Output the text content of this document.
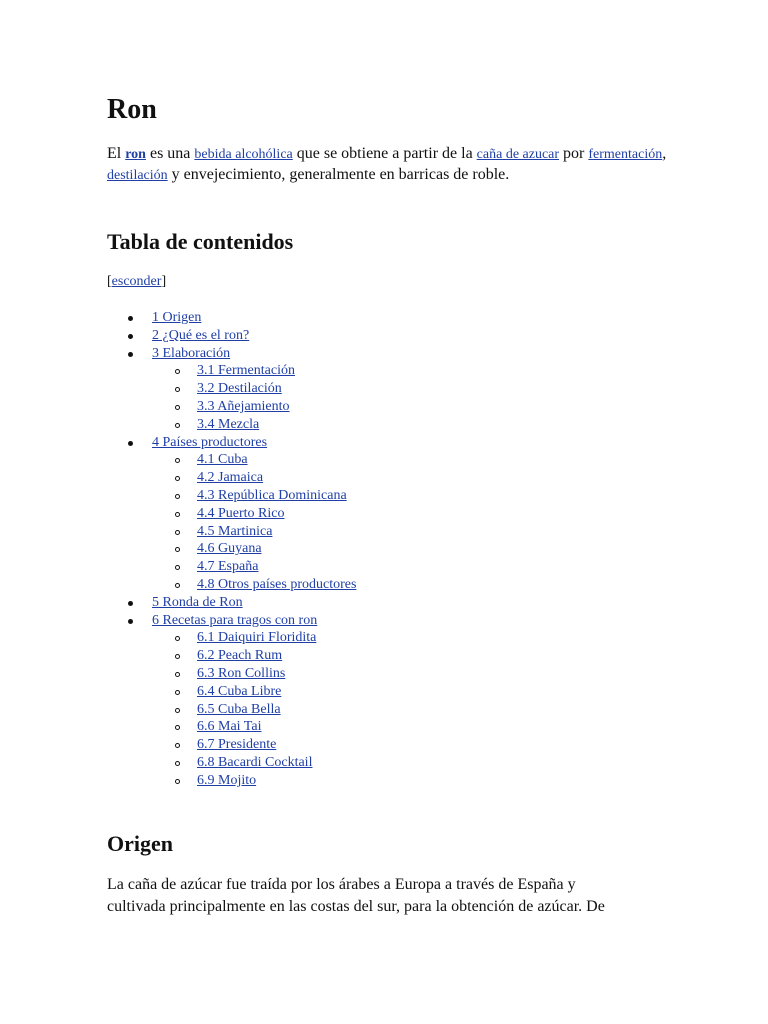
Ron

El ron es una bebida alcohólica que se obtiene a partir de la caña de azucar por fermentación, destilación y envejecimiento, generalmente en barricas de roble.

Tabla de contenidos

[esconder]

1 Origen
2 ¿Qué es el ron?
3 Elaboración
3.1 Fermentación
3.2 Destilación
3.3 Añejamiento
3.4 Mezcla
4 Países productores
4.1 Cuba
4.2 Jamaica
4.3 República Dominicana
4.4 Puerto Rico
4.5 Martinica
4.6 Guyana
4.7 España
4.8 Otros países productores
5 Ronda de Ron
6 Recetas para tragos con ron
6.1 Daiquiri Floridita
6.2 Peach Rum
6.3 Ron Collins
6.4 Cuba Libre
6.5 Cuba Bella
6.6 Mai Tai
6.7 Presidente
6.8 Bacardi Cocktail
6.9 Mojito
Origen

La caña de azúcar fue traída por los árabes a Europa a través de España y cultivada principalmente en las costas del sur, para la obtención de azúcar. De
